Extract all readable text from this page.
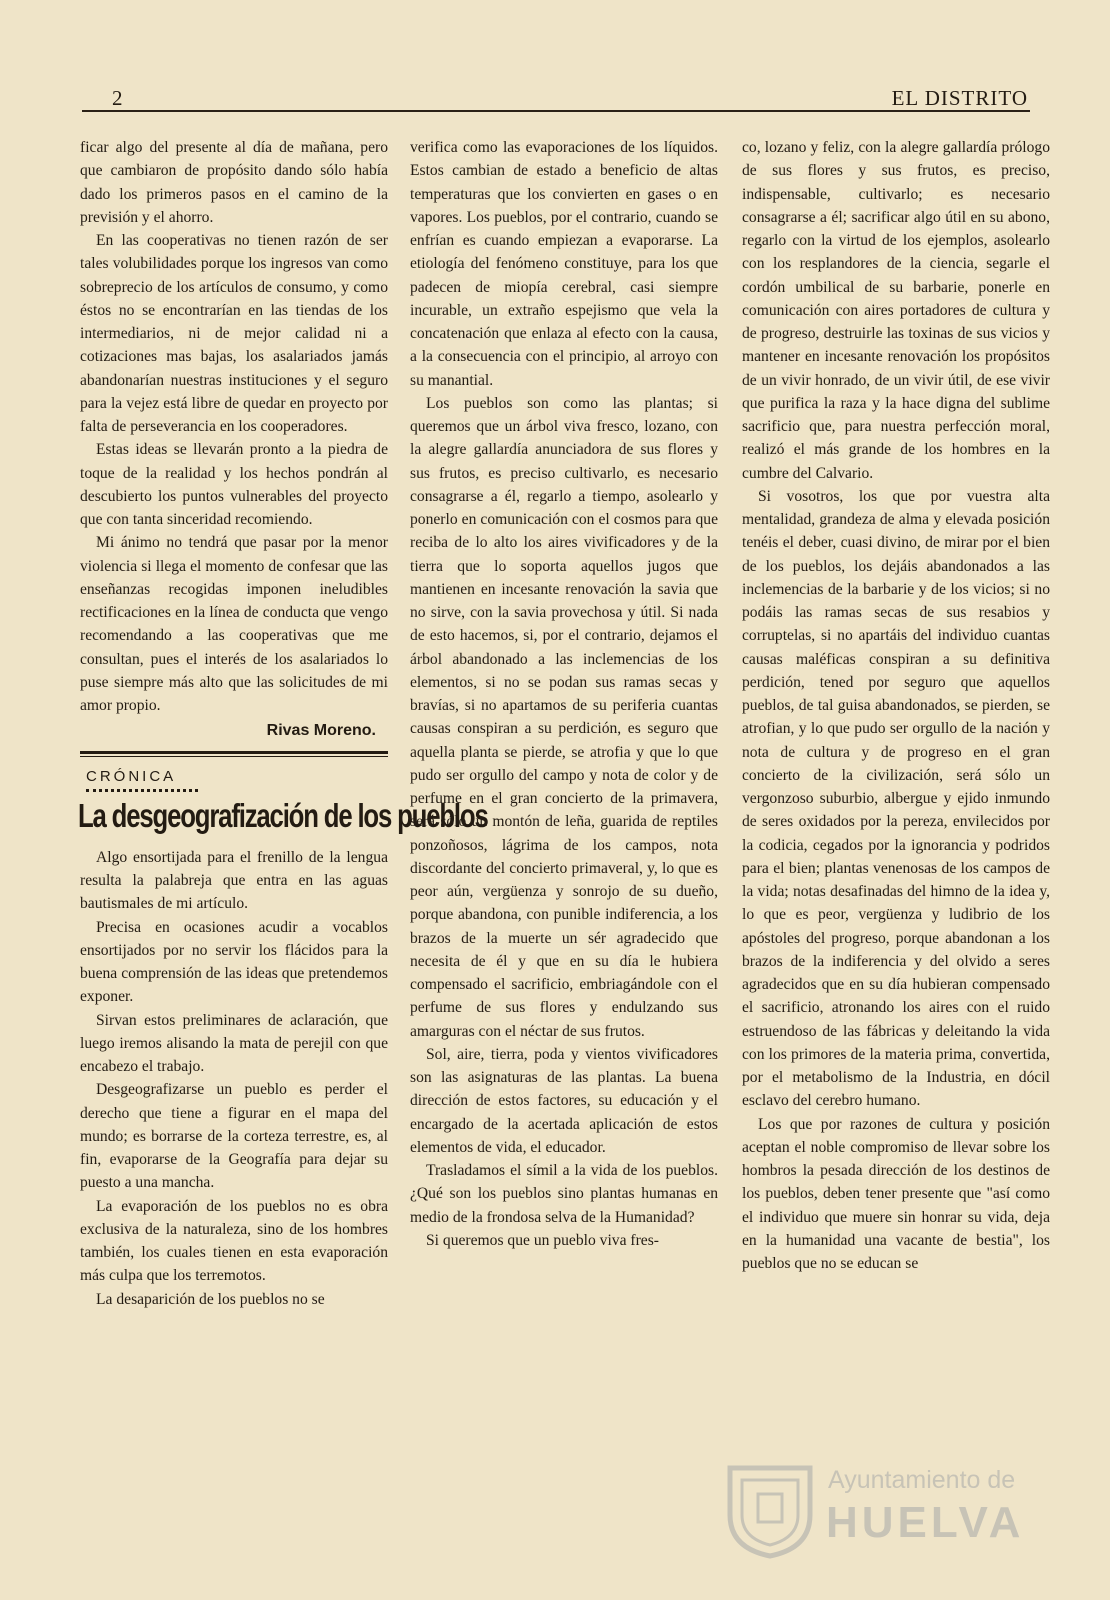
2	EL DISTRITO

ficar algo del presente al día de mañana, pero que cambiaron de propósito dando sólo había dado los primeros pasos en el camino de la previsión y el ahorro.

En las cooperativas no tienen razón de ser tales volubilidades porque los ingresos van como sobreprecio de los artículos de consumo, y como éstos no se encontrarían en las tiendas de los intermediarios, ni de mejor calidad ni a cotizaciones mas bajas, los asalariados jamás abandonarían nuestras instituciones y el seguro para la vejez está libre de quedar en proyecto por falta de perseverancia en los cooperadores.

Estas ideas se llevarán pronto a la piedra de toque de la realidad y los hechos pondrán al descubierto los puntos vulnerables del proyecto que con tanta sinceridad recomiendo.

Mi ánimo no tendrá que pasar por la menor violencia si llega el momento de confesar que las enseñanzas recogidas imponen ineludibles rectificaciones en la línea de conducta que vengo recomendando a las cooperativas que me consultan, pues el interés de los asalariados lo puse siempre más alto que las solicitudes de mi amor propio.

Rivas Moreno.
CRÓNICA
La desgeografización de los pueblos

Algo ensortijada para el frenillo de la lengua resulta la palabreja que entra en las aguas bautismales de mi artículo.

Precisa en ocasiones acudir a vocablos ensortijados por no servir los flácidos para la buena comprensión de las ideas que pretendemos exponer.

Sirvan estos preliminares de aclaración, que luego iremos alisando la mata de perejil con que encabezo el trabajo.

Desgeografizarse un pueblo es perder el derecho que tiene a figurar en el mapa del mundo; es borrarse de la corteza terrestre, es, al fin, evaporarse de la Geografía para dejar su puesto a una mancha.

La evaporación de los pueblos no es obra exclusiva de la naturaleza, sino de los hombres también, los cuales tienen en esta evaporación más culpa que los terremotos.

La desaparición de los pueblos no se

verifica como las evaporaciones de los líquidos. Estos cambian de estado a beneficio de altas temperaturas que los convierten en gases o en vapores. Los pueblos, por el contrario, cuando se enfrían es cuando empiezan a evaporarse. La etiología del fenómeno constituye, para los que padecen de miopía cerebral, casi siempre incurable, un extraño espejismo que vela la concatenación que enlaza al efecto con la causa, a la consecuencia con el principio, al arroyo con su manantial.

Los pueblos son como las plantas; si queremos que un árbol viva fresco, lozano, con la alegre gallardía anunciadora de sus flores y sus frutos, es preciso cultivarlo, es necesario consagrarse a él, regarlo a tiempo, asolearlo y ponerlo en comunicación con el cosmos para que reciba de lo alto los aires vivificadores y de la tierra que lo soporta aquellos jugos que mantienen en incesante renovación la savia que no sirve, con la savia provechosa y útil. Si nada de esto hacemos, si, por el contrario, dejamos el árbol abandonado a las inclemencias de los elementos, si no se podan sus ramas secas y bravías, si no apartamos de su periferia cuantas causas conspiran a su perdición, es seguro que aquella planta se pierde, se atrofia y que lo que pudo ser orgullo del campo y nota de color y de perfume en el gran concierto de la primavera, será sólo un montón de leña, guarida de reptiles ponzoñosos, lágrima de los campos, nota discordante del concierto primaveral, y, lo que es peor aún, vergüenza y sonrojo de su dueño, porque abandona, con punible indiferencia, a los brazos de la muerte un sér agradecido que necesita de él y que en su día le hubiera compensado el sacrificio, embriagándole con el perfume de sus flores y endulzando sus amarguras con el néctar de sus frutos.

Sol, aire, tierra, poda y vientos vivificadores son las asignaturas de las plantas. La buena dirección de estos factores, su educación y el encargado de la acertada aplicación de estos elementos de vida, el educador.

Trasladamos el símil a la vida de los pueblos. ¿Qué son los pueblos sino plantas humanas en medio de la frondosa selva de la Humanidad?

Si queremos que un pueblo viva fres-

co, lozano y feliz, con la alegre gallardía prólogo de sus flores y sus frutos, es preciso, indispensable, cultivarlo; es necesario consagrarse a él; sacrificar algo útil en su abono, regarlo con la virtud de los ejemplos, asolearlo con los resplandores de la ciencia, segarle el cordón umbilical de su barbarie, ponerle en comunicación con aires portadores de cultura y de progreso, destruirle las toxinas de sus vicios y mantener en incesante renovación los propósitos de un vivir honrado, de un vivir útil, de ese vivir que purifica la raza y la hace digna del sublime sacrificio que, para nuestra perfección moral, realizó el más grande de los hombres en la cumbre del Calvario.

Si vosotros, los que por vuestra alta mentalidad, grandeza de alma y elevada posición tenéis el deber, cuasi divino, de mirar por el bien de los pueblos, los dejáis abandonados a las inclemencias de la barbarie y de los vicios; si no podáis las ramas secas de sus resabios y corruptelas, si no apartáis del individuo cuantas causas maléficas conspiran a su definitiva perdición, tened por seguro que aquellos pueblos, de tal guisa abandonados, se pierden, se atrofian, y lo que pudo ser orgullo de la nación y nota de cultura y de progreso en el gran concierto de la civilización, será sólo un vergonzoso suburbio, albergue y ejido inmundo de seres oxidados por la pereza, envilecidos por la codicia, cegados por la ignorancia y podridos para el bien; plantas venenosas de los campos de la vida; notas desafinadas del himno de la idea y, lo que es peor, vergüenza y ludibrio de los apóstoles del progreso, porque abandonan a los brazos de la indiferencia y del olvido a seres agradecidos que en su día hubieran compensado el sacrificio, atronando los aires con el ruido estruendoso de las fábricas y deleitando la vida con los primores de la materia prima, convertida, por el metabolismo de la Industria, en dócil esclavo del cerebro humano.

Los que por razones de cultura y posición aceptan el noble compromiso de llevar sobre los hombros la pesada dirección de los destinos de los pueblos, deben tener presente que "así como el individuo que muere sin honrar su vida, deja en la humanidad una vacante de bestia", los pueblos que no se educan se

Ayuntamiento de
HUELVA
